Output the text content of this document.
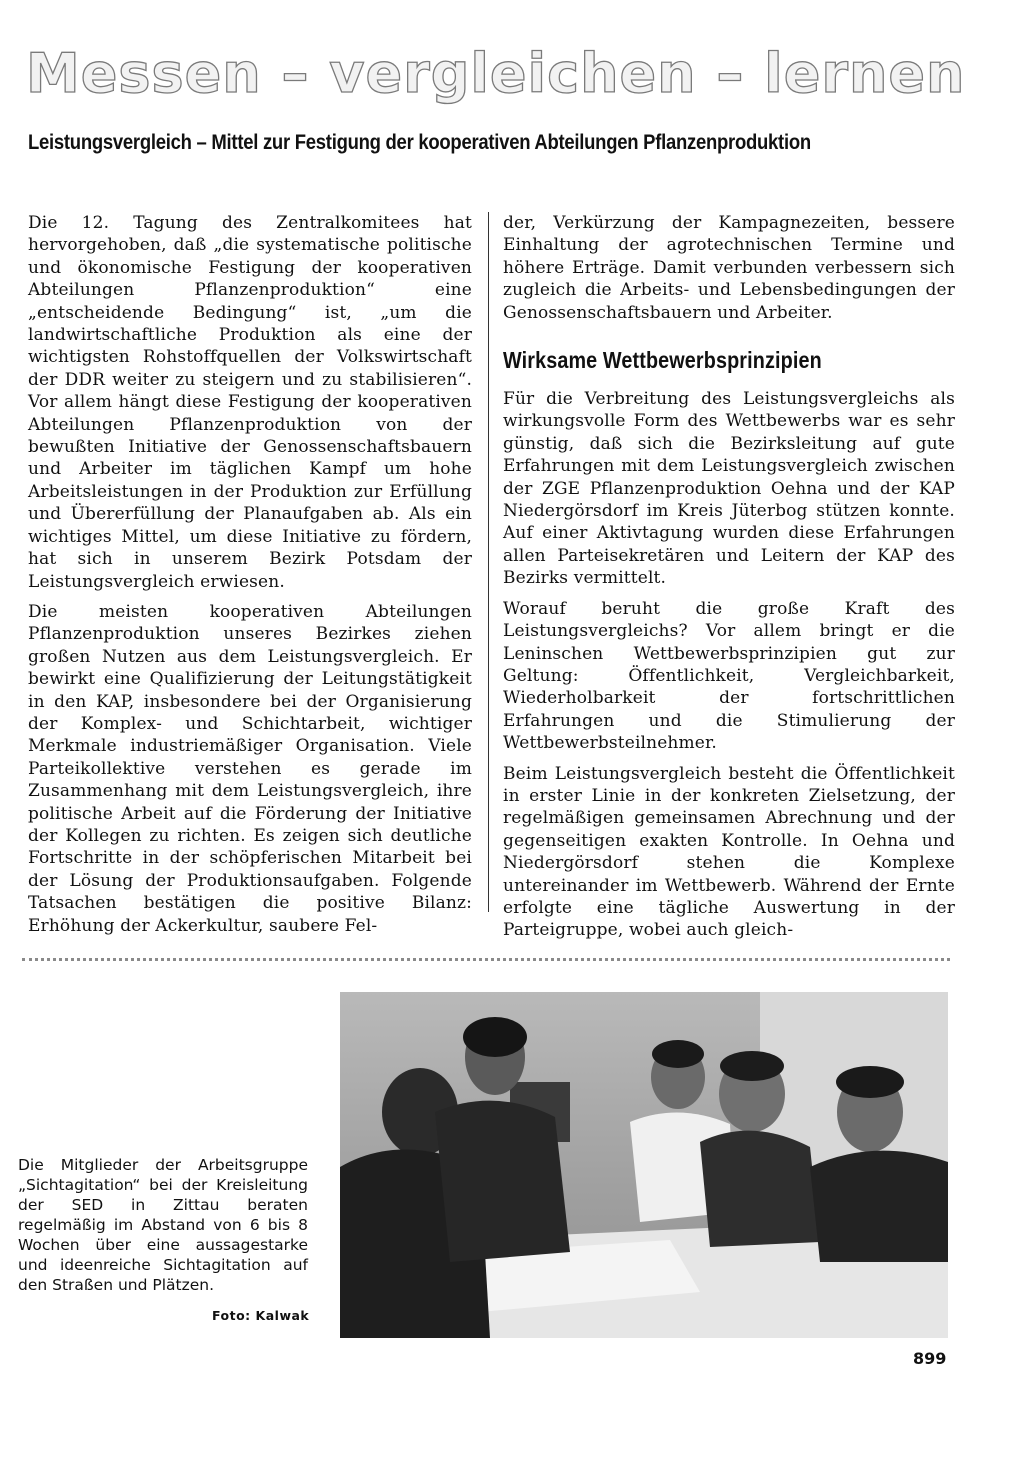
Messen – vergleichen – lernen
Leistungsvergleich – Mittel zur Festigung der kooperativen Abteilungen Pflanzenproduktion

Die 12. Tagung des Zentralkomitees hat hervorgehoben, daß „die systematische politische und ökonomische Festigung der kooperativen Abteilungen Pflanzenproduktion“ eine „entscheidende Bedingung“ ist, „um die landwirtschaftliche Produktion als eine der wichtigsten Rohstoffquellen der Volkswirtschaft der DDR weiter zu steigern und zu stabilisieren“. Vor allem hängt diese Festigung der kooperativen Abteilungen Pflanzenproduktion von der bewußten Initiative der Genossenschaftsbauern und Arbeiter im täglichen Kampf um hohe Arbeitsleistungen in der Produktion zur Erfüllung und Übererfüllung der Planaufgaben ab. Als ein wichtiges Mittel, um diese Initiative zu fördern, hat sich in unserem Bezirk Potsdam der Leistungsvergleich erwiesen.

Die meisten kooperativen Abteilungen Pflanzenproduktion unseres Bezirkes ziehen großen Nutzen aus dem Leistungsvergleich. Er bewirkt eine Qualifizierung der Leitungstätigkeit in den KAP, insbesondere bei der Organisierung der Komplex- und Schichtarbeit, wichtiger Merkmale industriemäßiger Organisation. Viele Parteikollektive verstehen es gerade im Zusammenhang mit dem Leistungsvergleich, ihre politische Arbeit auf die Förderung der Initiative der Kollegen zu richten. Es zeigen sich deutliche Fortschritte in der schöpferischen Mitarbeit bei der Lösung der Produktionsaufgaben. Folgende Tatsachen bestätigen die positive Bilanz: Erhöhung der Ackerkultur, saubere Fel-

der, Verkürzung der Kampagnezeiten, bessere Einhaltung der agrotechnischen Termine und höhere Erträge. Damit verbunden verbessern sich zugleich die Arbeits- und Lebensbedingungen der Genossenschaftsbauern und Arbeiter.

Wirksame Wettbewerbsprinzipien

Für die Verbreitung des Leistungsvergleichs als wirkungsvolle Form des Wettbewerbs war es sehr günstig, daß sich die Bezirksleitung auf gute Erfahrungen mit dem Leistungsvergleich zwischen der ZGE Pflanzenproduktion Oehna und der KAP Niedergörsdorf im Kreis Jüterbog stützen konnte. Auf einer Aktivtagung wurden diese Erfahrungen allen Parteisekretären und Leitern der KAP des Bezirks vermittelt.

Worauf beruht die große Kraft des Leistungsvergleichs? Vor allem bringt er die Leninschen Wettbewerbsprinzipien gut zur Geltung: Öffentlichkeit, Vergleichbarkeit, Wiederholbarkeit der fortschrittlichen Erfahrungen und die Stimulierung der Wettbewerbsteilnehmer.

Beim Leistungsvergleich besteht die Öffentlichkeit in erster Linie in der konkreten Zielsetzung, der regelmäßigen gemeinsamen Abrechnung und der gegenseitigen exakten Kontrolle. In Oehna und Niedergörsdorf stehen die Komplexe untereinander im Wettbewerb. Während der Ernte erfolgte eine tägliche Auswertung in der Parteigruppe, wobei auch gleich-

Die Mitglieder der Arbeitsgruppe „Sichtagitation“ bei der Kreisleitung der SED in Zittau beraten regelmäßig im Abstand von 6 bis 8 Wochen über eine aussagestarke und ideenreiche Sichtagitation auf den Straßen und Plätzen.
Foto: Kalwak
899
